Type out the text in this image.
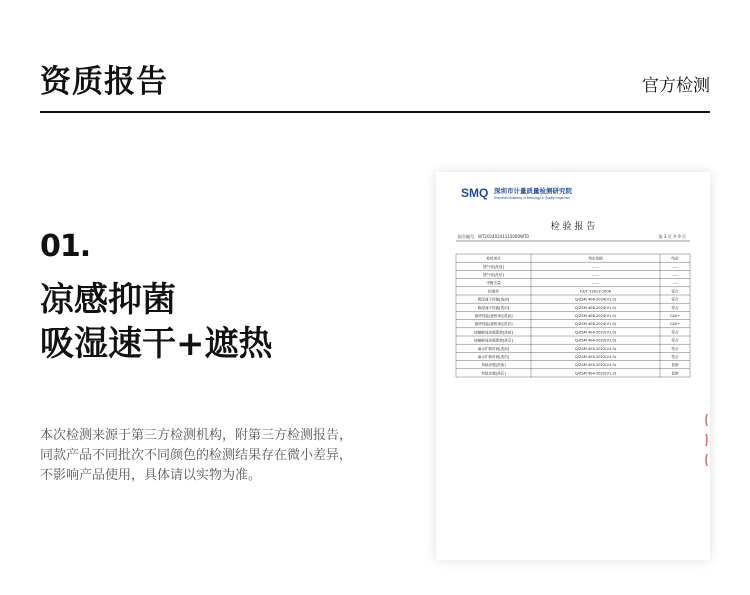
资质报告	官方检测
01.
凉感抑菌
吸湿速干+遮热
本次检测来源于第三方检测机构，附第三方检测报告，
同款产品不同批次不同颜色的检测结果存在微小差异，
不影响产品使用，具体请以实物为准。
SMQ 深圳市计量质量检测研究院
Shenzhen Academy of Metrology & Quality Inspection
检 验 报 告
报告编号：WT20240241115000WT0	第 3 页 共 9 页
检验项目	判定依据	结论
透气率[洗前]	------	----
透气率[洗后]	------	----
甲醛含量	------	----
抑菌率	FZ/T 73023-2006	符合
吸湿速干性能[洗前]	Q/ZSM 406-2024(V1.0)	符合
吸湿速干性能[洗后]	Q/ZSM 406-2024(V1.0)	符合
遮热性能(遮热率)[洗前]	Q/ZSM 406-2024(V1.0)	C40+
遮热性能(遮热率)[洗后]	Q/ZSM 406-2024(V1.0)	C40+
接触瞬间凉感系数[洗前]	Q/ZSM 404-2022(V1.0)	符合
接触瞬间凉感系数[洗后]	Q/ZSM 404-2022(V1.0)	符合
滴水扩散时间[洗前]	Q/ZSM 404-2022(V1.0)	符合
滴水扩散时间[洗后]	Q/ZSM 404-2022(V1.0)	符合
持续凉感[洗前]	Q/ZSM 404-2022(V1.0)	显微
持续凉感[洗后]	Q/ZSM 404-2022(V1.0)	显微
